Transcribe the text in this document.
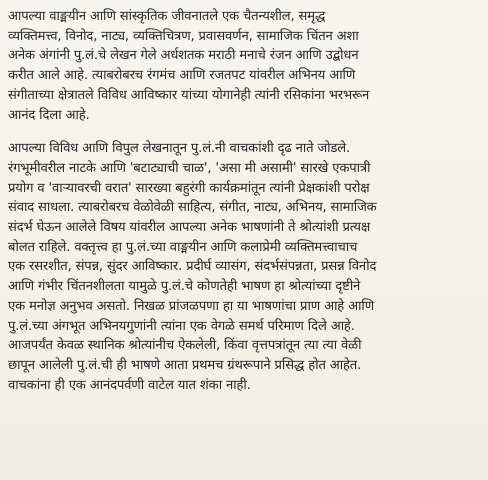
आपल्या वाङ्मयीन आणि सांस्कृतिक जीवनातले एक चैतन्यशील, समृद्ध
व्यक्तिमत्त्व, विनोद, नाट्य, व्यक्तिचित्रण, प्रवासवर्णन, सामाजिक चिंतन अशा
अनेक अंगांनी पु.लं.चे लेखन गेले अर्धशतक मराठी मनाचे रंजन आणि उद्बोधन
करीत आले आहे. त्याबरोबरच रंगमंच आणि रजतपट यांवरील अभिनय आणि
संगीताच्या क्षेत्रातले विविध आविष्कार यांच्या योगानेही त्यांनी रसिकांना भरभरून
आनंद दिला आहे.

आपल्या विविध आणि विपुल लेखनातून पु.लं.नी वाचकांशी दृढ नाते जोडले.
रंगभूमीवरील नाटके आणि 'बटाट्याची चाळ', 'असा मी असामी' सारखे एकपात्री
प्रयोग व 'वाऱ्यावरची वरात' सारख्या बहुरंगी कार्यक्रमांतून त्यांनी प्रेक्षकांशी परोक्ष
संवाद साधला. त्याबरोबरच वेळोवेळी साहित्य, संगीत, नाट्य, अभिनय, सामाजिक
संदर्भ घेऊन आलेले विषय यांवरील आपल्या अनेक भाषणांनी ते श्रोत्यांशी प्रत्यक्ष
बोलत राहिले. वक्तृत्त्व हा पु.लं.च्या वाङ्मयीन आणि कलाप्रेमी व्यक्तिमत्त्वाचाच
एक रसरशीत, संपन्न, सुंदर आविष्कार. प्रदीर्घ व्यासंग, संदर्भसंपन्नता, प्रसन्न विनोद
आणि गंभीर चिंतनशीलता यामुळे पु.लं.चे कोणतेही भाषण हा श्रोत्यांच्या दृष्टीने
एक मनोज्ञ अनुभव असतो. निखळ प्रांजळपणा हा या भाषणांचा प्राण आहे आणि
पु.लं.च्या अंगभूत अभिनयगुणांनी त्यांना एक वेगळे समर्थ परिमाण दिले आहे.
आजपर्यंत केवळ स्थानिक श्रोत्यांनीच ऐकलेली, किंवा वृत्तपत्रांतून त्या त्या वेळी
छापून आलेली पु.लं.ची ही भाषणे आता प्रथमच ग्रंथरूपाने प्रसिद्ध होत आहेत.
वाचकांना ही एक आनंदपर्वणी वाटेल यात शंका नाही.
